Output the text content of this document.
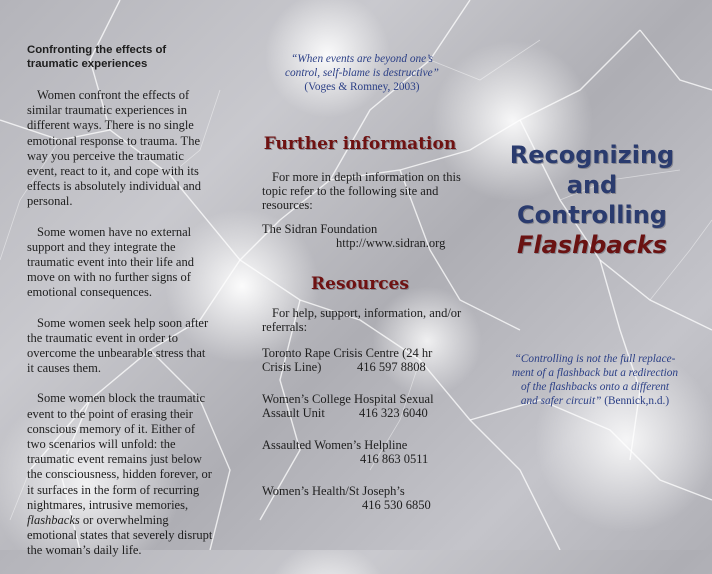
Confronting the effects of
traumatic experiences

Women confront the effects of similar traumatic experiences in different ways. There is no single emotional response to trauma. The way you perceive the traumatic event, react to it, and cope with its effects is absolutely individual and personal.

Some women have no external support and they integrate the traumatic event into their life and move on with no further signs of emotional consequences.

Some women seek help soon after the traumatic event in order to overcome the unbearable stress that it causes them.

Some women block the traumatic event to the point of erasing their conscious memory of it. Either of two scenarios will unfold: the traumatic event remains just below the consciousness, hidden forever, or it surfaces in the form of recurring nightmares, intrusive memories, flashbacks or overwhelming emotional states that severely disrupt the woman’s daily life.

“When events are beyond one’s
control, self-blame is destructive”
(Voges & Romney, 2003)
Further information

For more in depth information on this topic refer to the following site and resources:

The Sidran Foundation
http://www.sidran.org
Resources

For help, support, information, and/or referrals:

Toronto Rape Crisis Centre (24 hr
Crisis Line)	416 597 8808
Women’s College Hospital Sexual
Assault Unit	416 323 6040
Assaulted Women’s Helpline
416 863 0511
Women’s Health/St Joseph’s
416 530 6850
Recognizing
and
Controlling
Flashbacks
“Controlling is not the full replace-
ment of a flashback but a redirection
of the flashbacks onto a different
and safer circuit” (Bennick,n.d.)
